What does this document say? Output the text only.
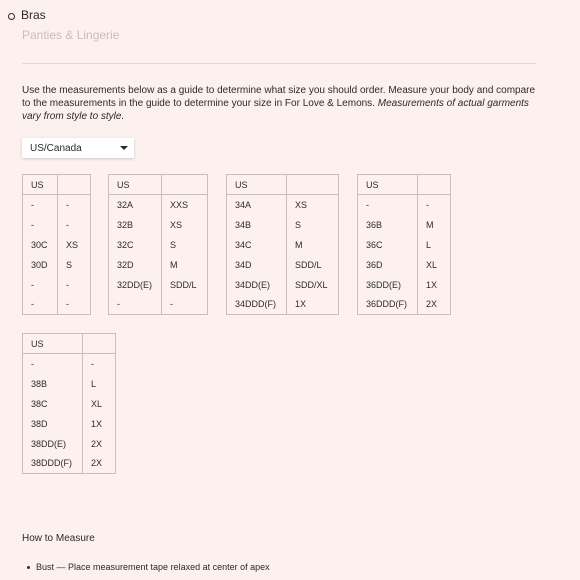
Bras
Panties & Lingerie

Use the measurements below as a guide to determine what size you should order. Measure your body and compare to the measurements in the guide to determine your size in For Love & Lemons. Measurements of actual garments vary from style to style.

US/Canada
US	
-	-
-	-
30C	XS
30D	S
-	-
-	-
US	
32A	XXS
32B	XS
32C	S
32D	M
32DD(E)	SDD/L
-	-
US	
34A	XS
34B	S
34C	M
34D	SDD/L
34DD(E)	SDD/XL
34DDD(F)	1X
US	
-	-
36B	M
36C	L
36D	XL
36DD(E)	1X
36DDD(F)	2X
US	
-	-
38B	L
38C	XL
38D	1X
38DD(E)	2X
38DDD(F)	2X
How to Measure
Bust — Place measurement tape relaxed at center of apex
